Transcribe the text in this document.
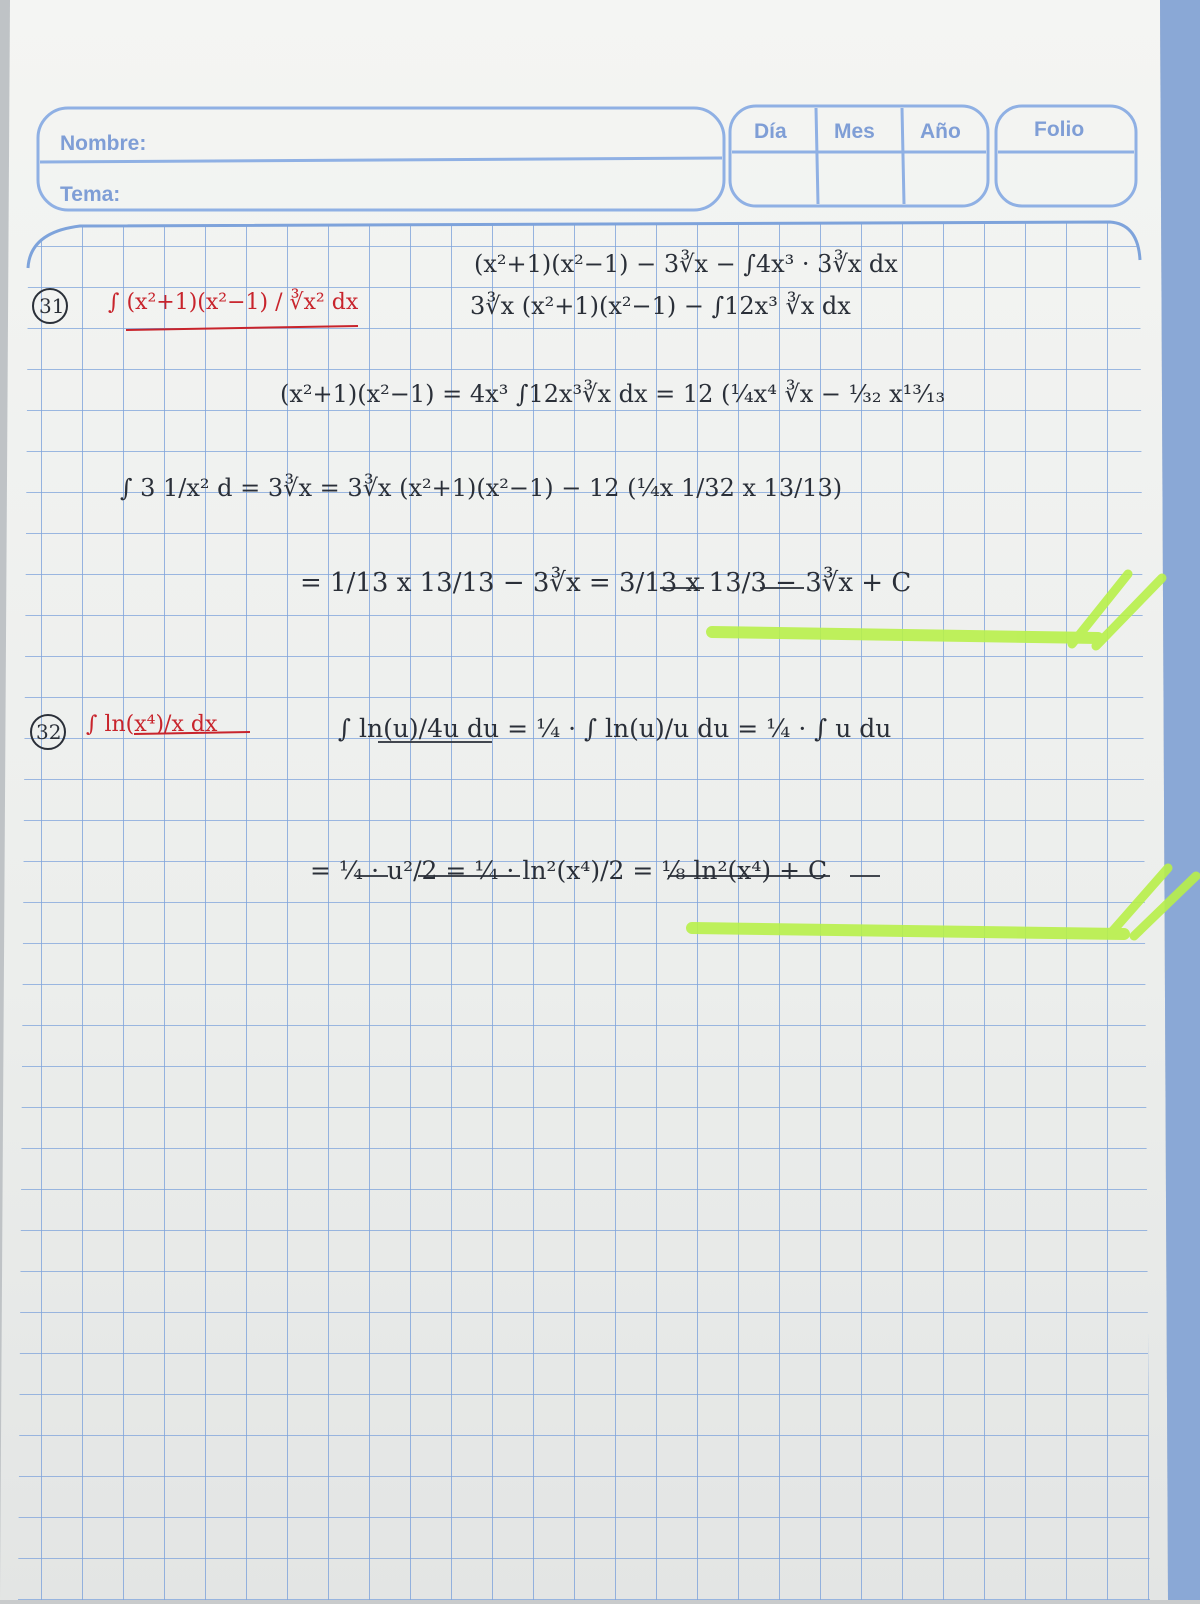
Nombre:
Tema:
Día Mes Año	Folio
31 ∫ (x²+1)(x²−1) / ∛x² dx
(x²+1)(x²−1) − 3∛x − ∫4x³ · 3∛x dx
3∛x (x²+1)(x²−1) − ∫12x³ ∛x dx
(x²+1)(x²−1) = 4x³ ∫12x³∛x dx = 12 (¼x⁴ ∛x − ¹⁄₃₂ x¹³⁄₁₃
∫ 3 1/x² d = 3∛x = 3∛x (x²+1)(x²−1) − 12 (¼x 1/32 x 13/13)
= 1/13 x 13/13 − 3∛x = 3/13 x 13/3 − 3∛x + C
32 ∫ ln(x⁴)/x dx	∫ ln(u)/4u du = ¼ · ∫ ln(u)/u du = ¼ · ∫ u du
= ¼ · u²/2 = ¼ · ln²(x⁴)/2 = ⅛ ln²(x⁴) + C
